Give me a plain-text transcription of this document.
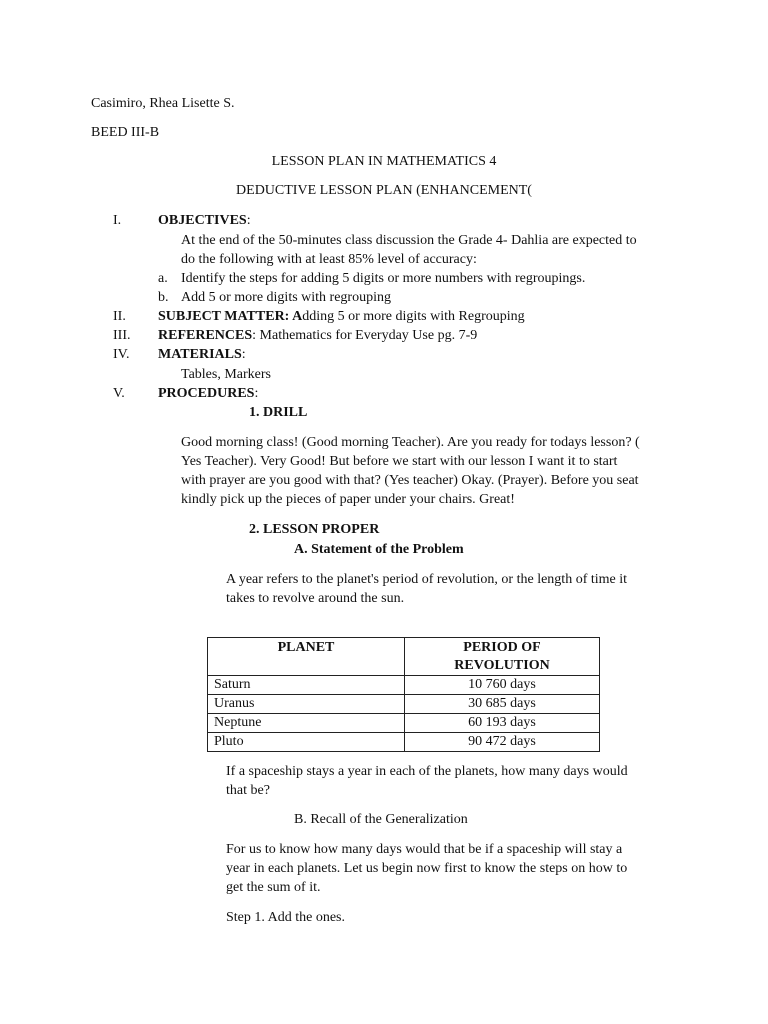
Casimiro, Rhea Lisette S.
BEED III-B
LESSON PLAN IN MATHEMATICS 4
DEDUCTIVE LESSON PLAN (ENHANCEMENT(
I.	OBJECTIVES:
At the end of the 50-minutes class discussion the Grade 4- Dahlia are expected to
do the following with at least 85% level of accuracy:
a. Identify the steps for adding 5 digits or more numbers with regroupings.
b. Add 5 or more digits with regrouping
II.	SUBJECT MATTER: Adding 5 or more digits with Regrouping
III.	REFERENCES: Mathematics for Everyday Use pg. 7-9
IV.	MATERIALS:
Tables, Markers
V.	PROCEDURES:
1. DRILL

Good morning class! (Good morning Teacher). Are you ready for todays lesson? (

Yes Teacher). Very Good! But before we start with our lesson I want it to start

with prayer are you good with that? (Yes teacher) Okay. (Prayer). Before you seat

kindly pick up the pieces of paper under your chairs. Great!

2. LESSON PROPER
A. Statement of the Problem

A year refers to the planet's period of revolution, or the length of time it

takes to revolve around the sun.

PLANET	PERIOD OF
REVOLUTION
Saturn	10 760 days
Uranus	30 685 days
Neptune	60 193 days
Pluto	90 472 days

If a spaceship stays a year in each of the planets, how many days would

that be?

B. Recall of the Generalization

For us to know how many days would that be if a spaceship will stay a

year in each planets. Let us begin now first to know the steps on how to

get the sum of it.

Step 1. Add the ones.
